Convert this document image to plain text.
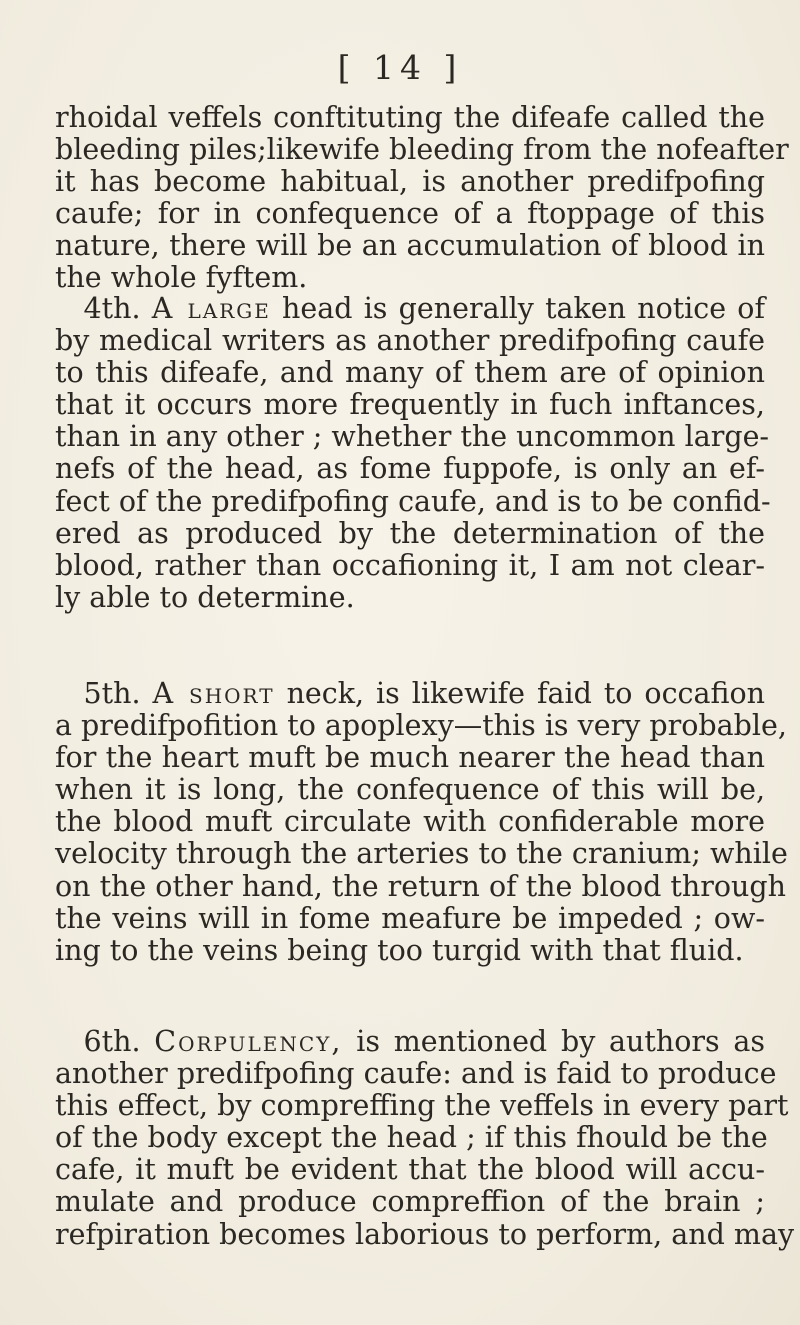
[ 14 ]
rhoidal veffels conftituting the difeafe called the
bleeding piles;likewife bleeding from the nofeafter
it has become habitual, is another predifpofing
caufe; for in confequence of a ftoppage of this
nature, there will be an accumulation of blood in
the whole fyftem.
 4th. A large head is generally taken notice of
by medical writers as another predifpofing caufe
to this difeafe, and many of them are of opinion
that it occurs more frequently in fuch inftances,
than in any other ; whether the uncommon large-
nefs of the head, as fome fuppofe, is only an ef-
fect of the predifpofing caufe, and is to be confid-
ered as produced by the determination of the
blood, rather than occafioning it, I am not clear-
ly able to determine.
 5th. A short neck, is likewife faid to occafion
a predifpofition to apoplexy—this is very probable,
for the heart muft be much nearer the head than
when it is long, the confequence of this will be,
the blood muft circulate with confiderable more
velocity through the arteries to the cranium; while
on the other hand, the return of the blood through
the veins will in fome meafure be impeded ; ow-
ing to the veins being too turgid with that fluid.
 6th. Corpulency, is mentioned by authors as
another predifpofing caufe: and is faid to produce
this effect, by compreffing the veffels in every part
of the body except the head ; if this fhould be the
cafe, it muft be evident that the blood will accu-
mulate and produce compreffion of the brain ;
refpiration becomes laborious to perform, and may
